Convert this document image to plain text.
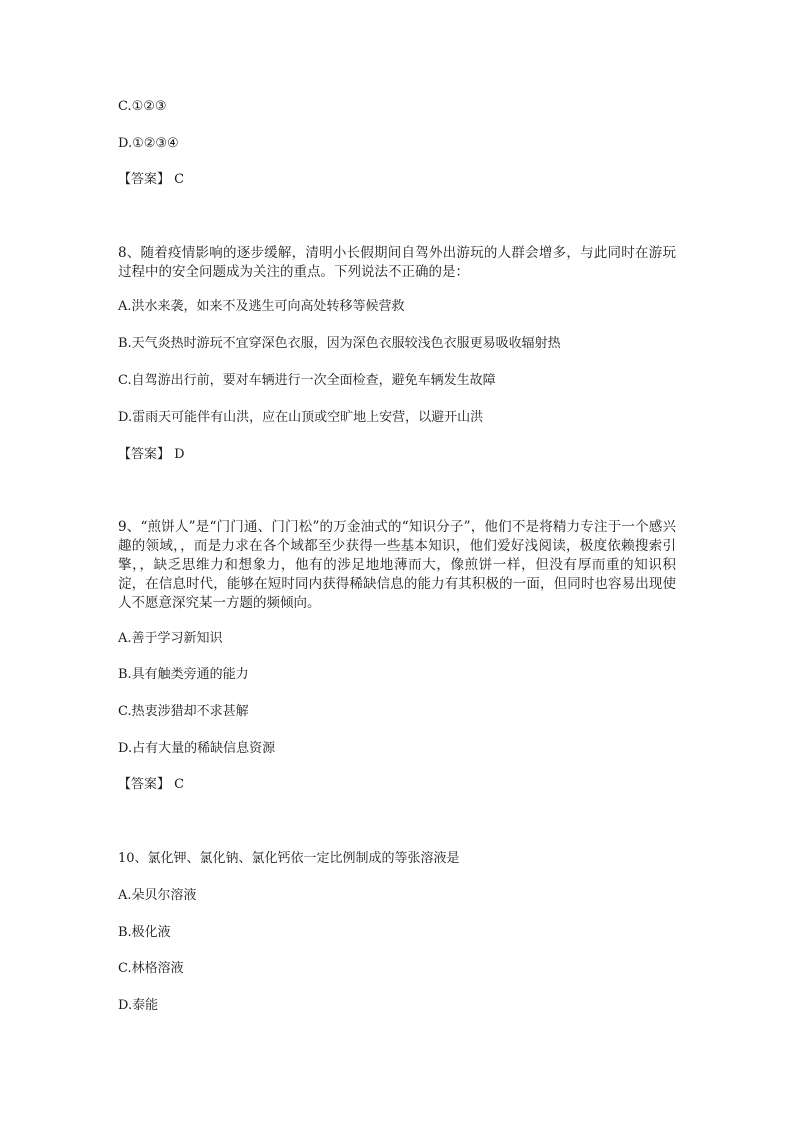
C.①②③
D.①②③④
【答案】 C
8、随着疫情影响的逐步缓解，清明小长假期间自驾外出游玩的人群会增多，与此同时在游玩过程中的安全问题成为关注的重点。下列说法不正确的是：
A.洪水来袭，如来不及逃生可向高处转移等候营救
B.天气炎热时游玩不宜穿深色衣服，因为深色衣服较浅色衣服更易吸收辐射热
C.自驾游出行前，要对车辆进行一次全面检查，避免车辆发生故障
D.雷雨天可能伴有山洪，应在山顶或空旷地上安营，以避开山洪
【答案】 D
9、“煎饼人”是“门门通、门门松”的万金油式的“知识分子”，他们不是将精力专注于一个感兴趣的领域，，而是力求在各个域都至少获得一些基本知识，他们爱好浅阅读，极度依赖搜索引擎，，缺乏思维力和想象力，他有的涉足地地薄而大，像煎饼一样，但没有厚而重的知识积淀，在信息时代，能够在短时同内获得稀缺信息的能力有其积极的一面，但同时也容易出现使人不愿意深究某一方题的频倾向。
A.善于学习新知识
B.具有触类旁通的能力
C.热衷涉猎却不求甚解
D.占有大量的稀缺信息资源
【答案】 C
10、氯化钾、氯化钠、氯化钙依一定比例制成的等张溶液是
A.朵贝尔溶液
B.极化液
C.林格溶液
D.泰能
